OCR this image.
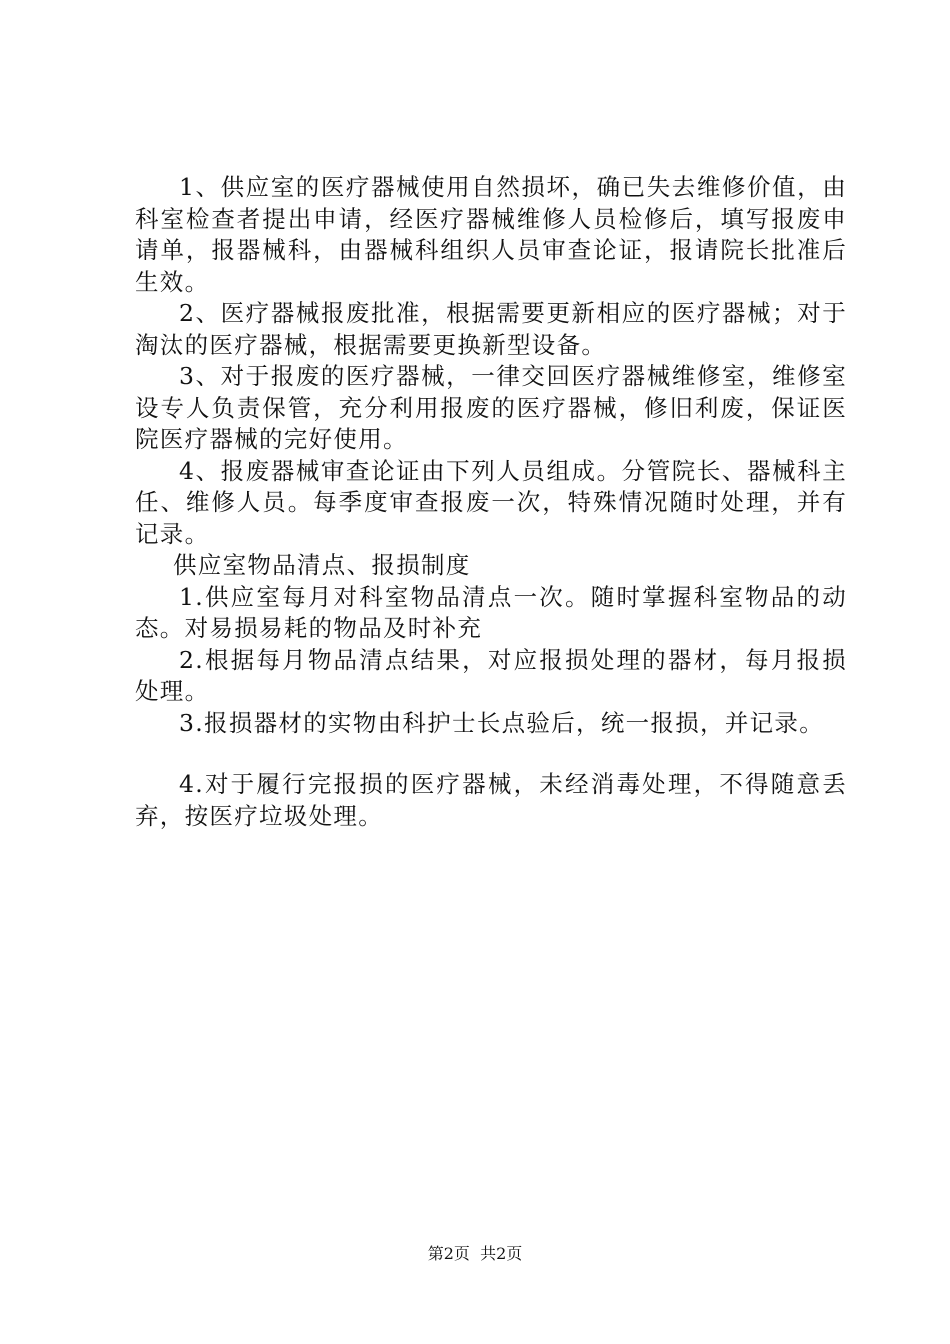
1、供应室的医疗器械使用自然损坏，确已失去维修价值，由科室检查者提出申请，经医疗器械维修人员检修后，填写报废申请单，报器械科，由器械科组织人员审查论证，报请院长批准后生效。

2、医疗器械报废批准，根据需要更新相应的医疗器械；对于淘汰的医疗器械，根据需要更换新型设备。

3、对于报废的医疗器械，一律交回医疗器械维修室，维修室设专人负责保管，充分利用报废的医疗器械，修旧利废，保证医院医疗器械的完好使用。

4、报废器械审查论证由下列人员组成。分管院长、器械科主任、维修人员。每季度审查报废一次，特殊情况随时处理，并有记录。

供应室物品清点、报损制度

1.供应室每月对科室物品清点一次。随时掌握科室物品的动态。对易损易耗的物品及时补充

2.根据每月物品清点结果，对应报损处理的器材，每月报损处理。

3.报损器材的实物由科护士长点验后，统一报损，并记录。

4.对于履行完报损的医疗器械，未经消毒处理，不得随意丢弃，按医疗垃圾处理。

第2页  共2页
